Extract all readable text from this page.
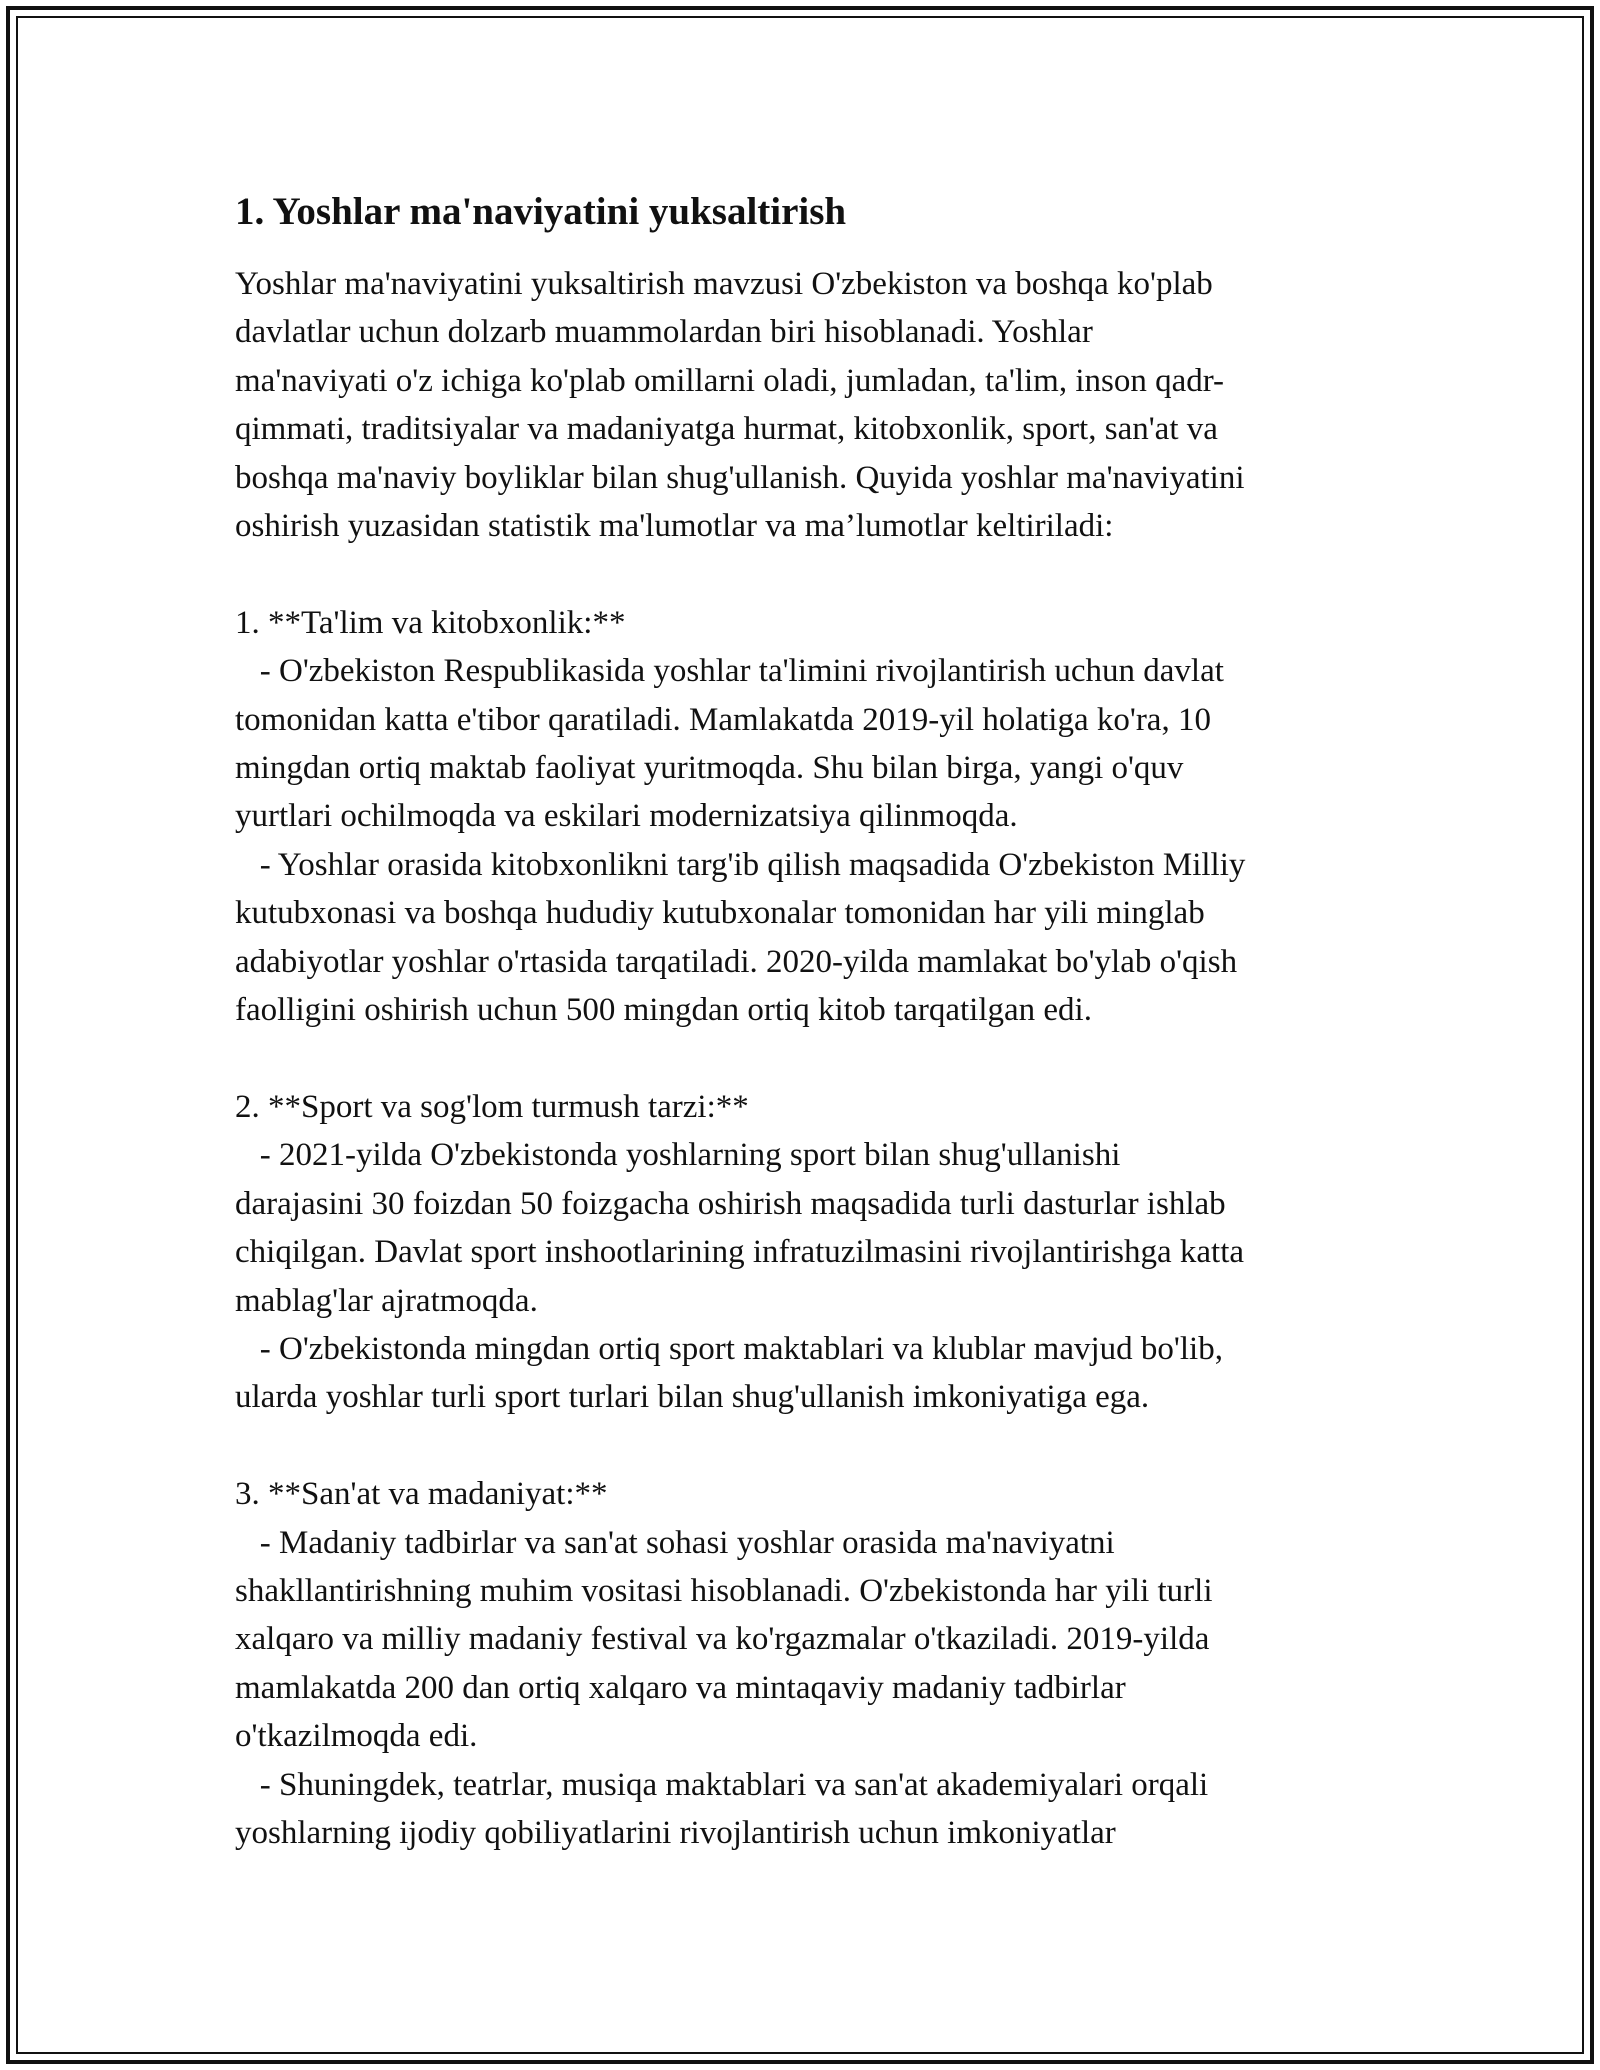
1. Yoshlar ma'naviyatini yuksaltirish

Yoshlar ma'naviyatini yuksaltirish mavzusi O'zbekiston va boshqa ko'plab
davlatlar uchun dolzarb muammolardan biri hisoblanadi. Yoshlar
ma'naviyati o'z ichiga ko'plab omillarni oladi, jumladan, ta'lim, inson qadr-
qimmati, traditsiyalar va madaniyatga hurmat, kitobxonlik, sport, san'at va
boshqa ma'naviy boyliklar bilan shug'ullanish. Quyida yoshlar ma'naviyatini
oshirish yuzasidan statistik ma'lumotlar va ma’lumotlar keltiriladi:

1. **Ta'lim va kitobxonlik:**
- O'zbekiston Respublikasida yoshlar ta'limini rivojlantirish uchun davlat
tomonidan katta e'tibor qaratiladi. Mamlakatda 2019-yil holatiga ko'ra, 10
mingdan ortiq maktab faoliyat yuritmoqda. Shu bilan birga, yangi o'quv
yurtlari ochilmoqda va eskilari modernizatsiya qilinmoqda.
- Yoshlar orasida kitobxonlikni targ'ib qilish maqsadida O'zbekiston Milliy
kutubxonasi va boshqa hududiy kutubxonalar tomonidan har yili minglab
adabiyotlar yoshlar o'rtasida tarqatiladi. 2020-yilda mamlakat bo'ylab o'qish
faolligini oshirish uchun 500 mingdan ortiq kitob tarqatilgan edi.

2. **Sport va sog'lom turmush tarzi:**
- 2021-yilda O'zbekistonda yoshlarning sport bilan shug'ullanishi
darajasini 30 foizdan 50 foizgacha oshirish maqsadida turli dasturlar ishlab
chiqilgan. Davlat sport inshootlarining infratuzilmasini rivojlantirishga katta
mablag'lar ajratmoqda.
- O'zbekistonda mingdan ortiq sport maktablari va klublar mavjud bo'lib,
ularda yoshlar turli sport turlari bilan shug'ullanish imkoniyatiga ega.

3. **San'at va madaniyat:**
- Madaniy tadbirlar va san'at sohasi yoshlar orasida ma'naviyatni
shakllantirishning muhim vositasi hisoblanadi. O'zbekistonda har yili turli
xalqaro va milliy madaniy festival va ko'rgazmalar o'tkaziladi. 2019-yilda
mamlakatda 200 dan ortiq xalqaro va mintaqaviy madaniy tadbirlar
o'tkazilmoqda edi.
- Shuningdek, teatrlar, musiqa maktablari va san'at akademiyalari orqali
yoshlarning ijodiy qobiliyatlarini rivojlantirish uchun imkoniyatlar
